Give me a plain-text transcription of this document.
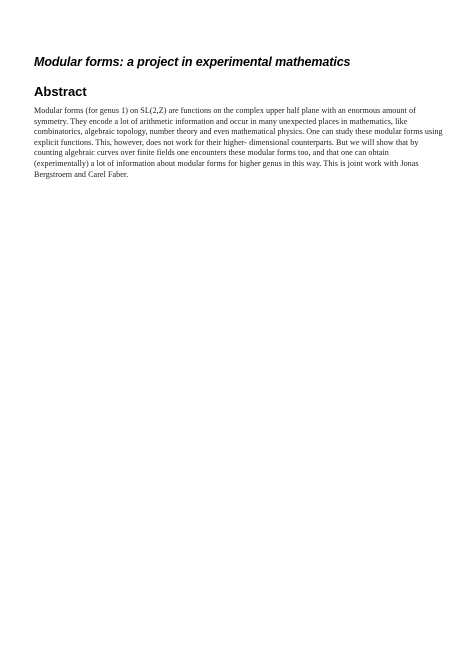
Modular forms: a project in experimental mathematics
Abstract

Modular forms (for genus 1) on SL(2,Z) are functions on the complex upper half plane with an enormous amount of symmetry. They encode a lot of arithmetic information and occur in many unexpected places in mathematics, like combinatorics, algebraic topology, number theory and even mathematical physics. One can study these modular forms using explicit functions. This, however, does not work for their higher- dimensional counterparts. But we will show that by counting algebraic curves over finite fields one encounters these modular forms too, and that one can obtain (experimentally) a lot of information about modular forms for higher genus in this way. This is joint work with Jonas Bergstroem and Carel Faber.
